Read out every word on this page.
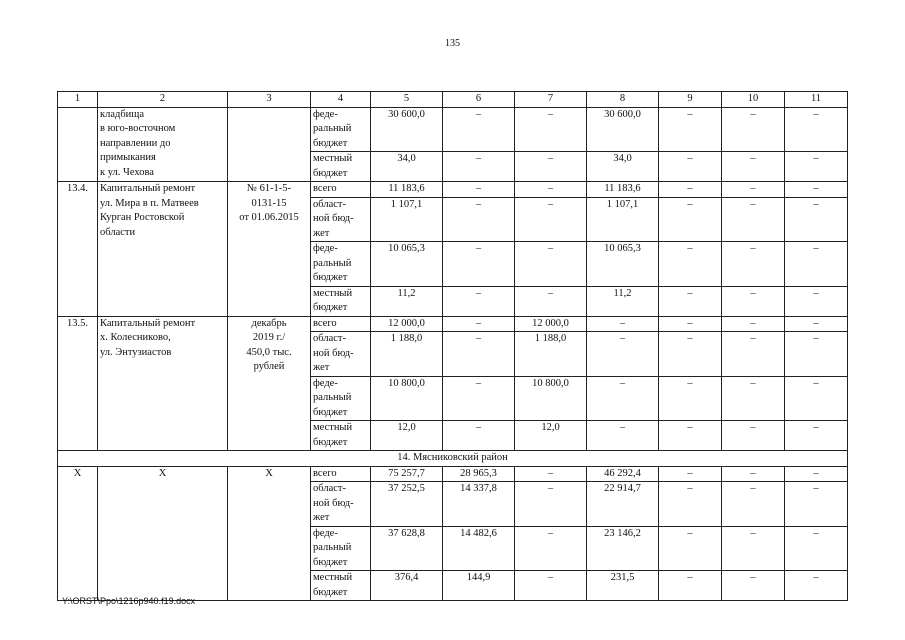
135
1	2	3	4	5	6	7	8	9	10	11
	кладбища
в юго-восточном
направлении до
примыкания
к ул. Чехова		феде-
ральный
бюджет	30 600,0	–	–	30 600,0	–	–	–
			местный
бюджет	34,0	–	–	34,0	–	–	–
13.4.	Капитальный ремонт
ул. Мира в п. Матвеев
Курган Ростовской
области	№ 61-1-5-
0131-15
от 01.06.2015	всего	11 183,6	–	–	11 183,6	–	–	–
			област-
ной бюд-
жет	1 107,1	–	–	1 107,1	–	–	–
			феде-
ральный
бюджет	10 065,3	–	–	10 065,3	–	–	–
			местный
бюджет	11,2	–	–	11,2	–	–	–
13.5.	Капитальный ремонт
х. Колесниково,
ул. Энтузиастов	декабрь
2019 г./
450,0 тыс.
рублей	всего	12 000,0	–	12 000,0	–	–	–	–
			област-
ной бюд-
жет	1 188,0	–	1 188,0	–	–	–	–
			феде-
ральный
бюджет	10 800,0	–	10 800,0	–	–	–	–
			местный
бюджет	12,0	–	12,0	–	–	–	–
14. Мясниковский район										
Х	Х	Х	всего	75 257,7	28 965,3	–	46 292,4	–	–	–
			област-
ной бюд-
жет	37 252,5	14 337,8	–	22 914,7	–	–	–
			феде-
ральный
бюджет	37 628,8	14 482,6	–	23 146,2	–	–	–
			местный
бюджет	376,4	144,9	–	231,5	–	–	–
Y:\ORST\Ppo\1216p940.f19.docx
